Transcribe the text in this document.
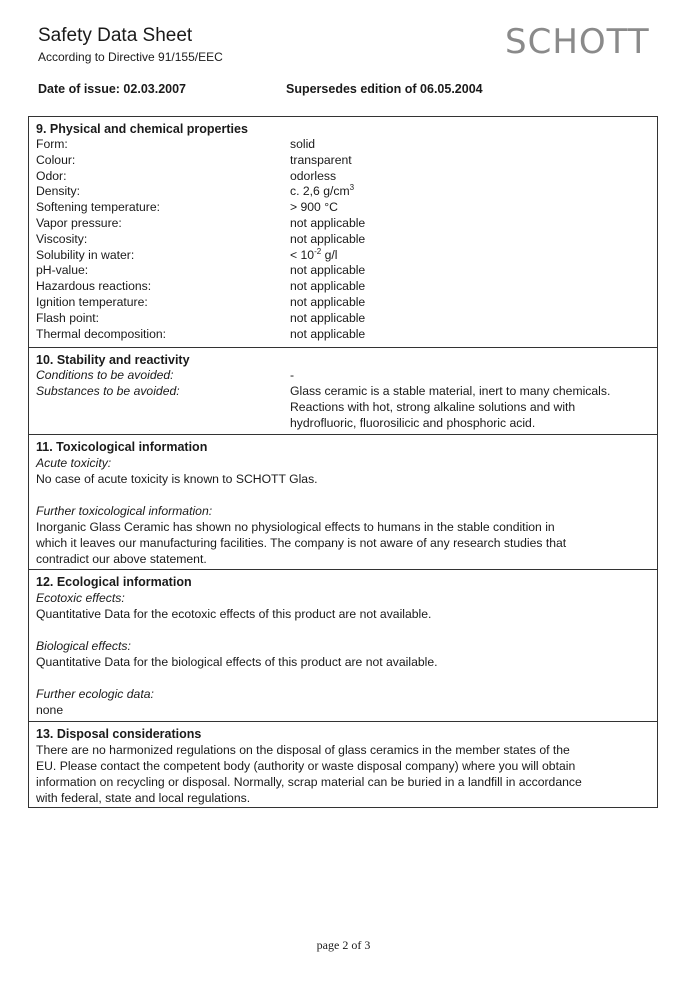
Safety Data Sheet
According to Directive 91/155/EEC	SCHOTT
Date of issue: 02.03.2007	Supersedes edition of 06.05.2004
9. Physical and chemical properties
Form:	solid
Colour:	transparent
Odor:	odorless
Density:	c. 2,6 $g/cm^3$
Softening temperature:	> 900 °C
Vapor pressure:	not applicable
Viscosity:	not applicable
Solubility in water:	< $10^{-2}$ g/l
pH-value:	not applicable
Hazardous reactions:	not applicable
Ignition temperature:	not applicable
Flash point:	not applicable
Thermal decomposition:	not applicable
10. Stability and reactivity
Conditions to be avoided:	-
Substances to be avoided:	Glass ceramic is a stable material, inert to many chemicals.
Reactions with hot, strong alkaline solutions and with
hydrofluoric, fluorosilicic and phosphoric acid.
11. Toxicological information
Acute toxicity:
No case of acute toxicity is known to SCHOTT Glas.
Further toxicological information:
Inorganic Glass Ceramic has shown no physiological effects to humans in the stable condition in
which it leaves our manufacturing facilities. The company is not aware of any research studies that
contradict our above statement.
12. Ecological information
Ecotoxic effects:
Quantitative Data for the ecotoxic effects of this product are not available.
Biological effects:
Quantitative Data for the biological effects of this product are not available.
Further ecologic data:
none
13. Disposal considerations
There are no harmonized regulations on the disposal of glass ceramics in the member states of the
EU. Please contact the competent body (authority or waste disposal company) where you will obtain
information on recycling or disposal. Normally, scrap material can be buried in a landfill in accordance
with federal, state and local regulations.
page 2 of 3
